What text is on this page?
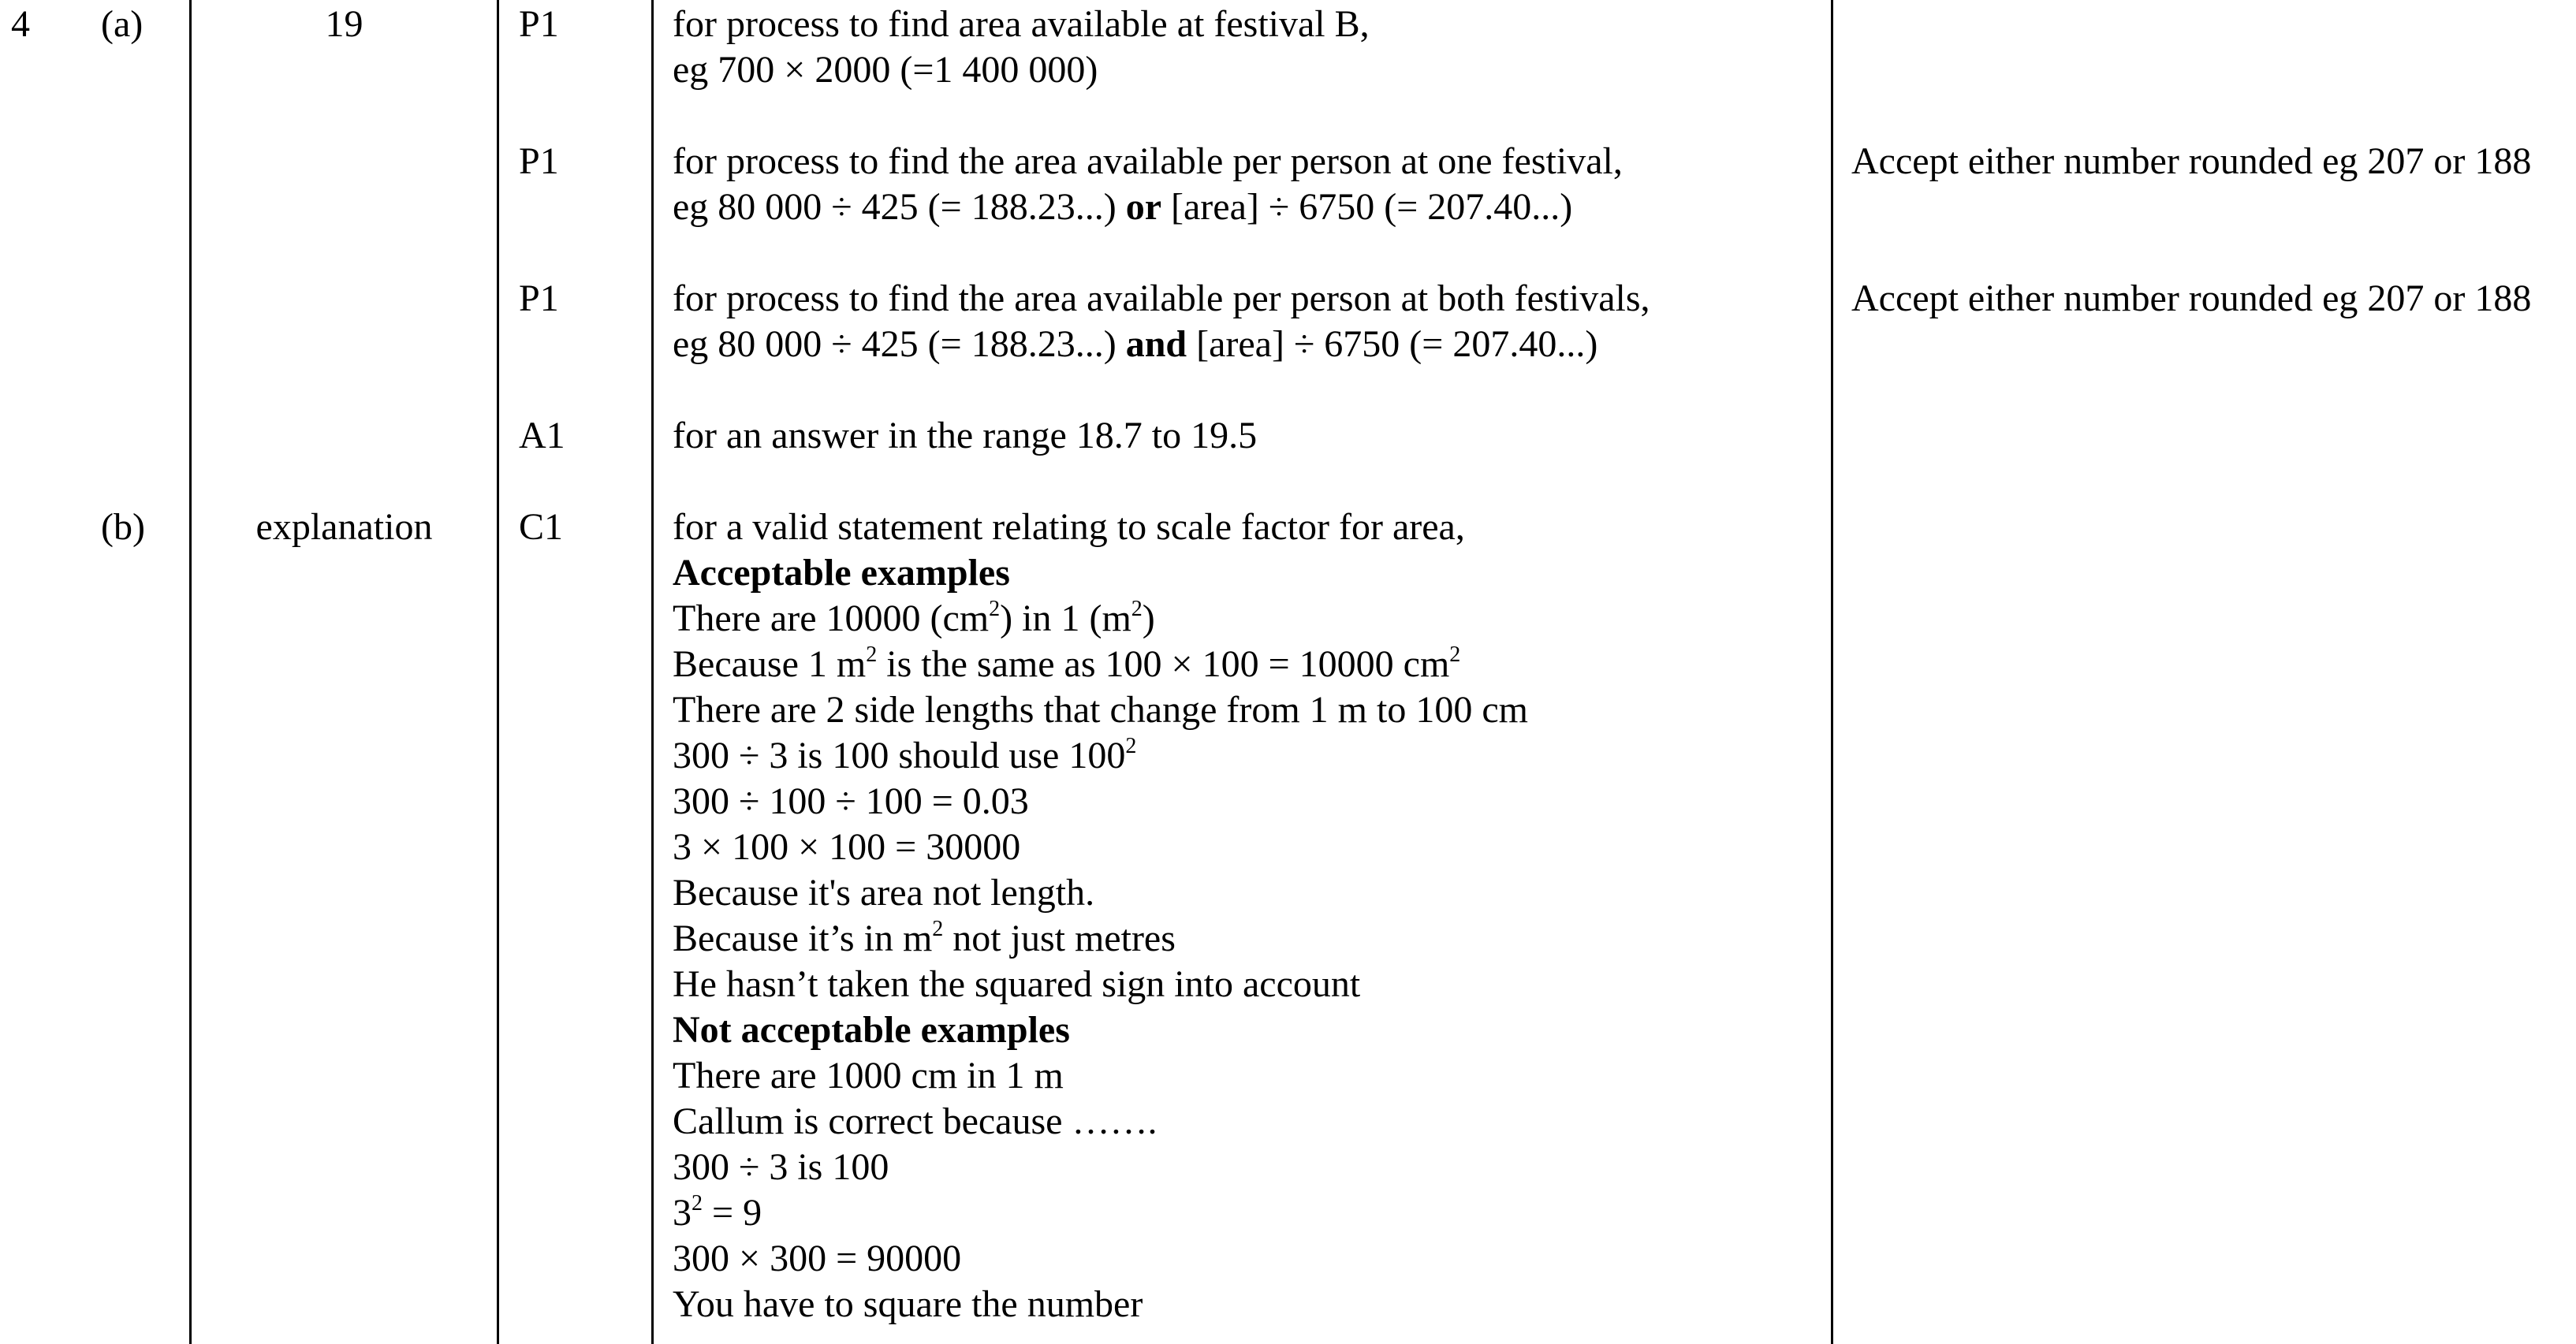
4 (a)	19	P1	for process to find area available at festival B,
eg 700 × 2000 (=1 400 000)
P1	for process to find the area available per person at one festival,
eg 80 000 ÷ 425 (= 188.23...) or [area] ÷ 6750 (= 207.40...)
Accept either number rounded eg 207 or 188
P1	for process to find the area available per person at both festivals,
eg 80 000 ÷ 425 (= 188.23...) and [area] ÷ 6750 (= 207.40...)
Accept either number rounded eg 207 or 188
A1	for an answer in the range 18.7 to 19.5
(b)	explanation	C1	for a valid statement relating to scale factor for area,
Acceptable examples
There are 10000 $(cm^2)$ in 1 $(m^2)$
Because 1 $m^2$ is the same as 100 × 100 = 10000 $cm^2$
There are 2 side lengths that change from 1 m to 100 cm
300 ÷ 3 is 100 should use $100^2$
300 ÷ 100 ÷ 100 = 0.03
3 × 100 × 100 = 30000
Because it's area not length.
Because it’s in $m^2$ not just metres
He hasn’t taken the squared sign into account
Not acceptable examples
There are 1000 cm in 1 m
Callum is correct because …….
300 ÷ 3 is 100
$3^2 = 9$
300 × 300 = 90000
You have to square the number
